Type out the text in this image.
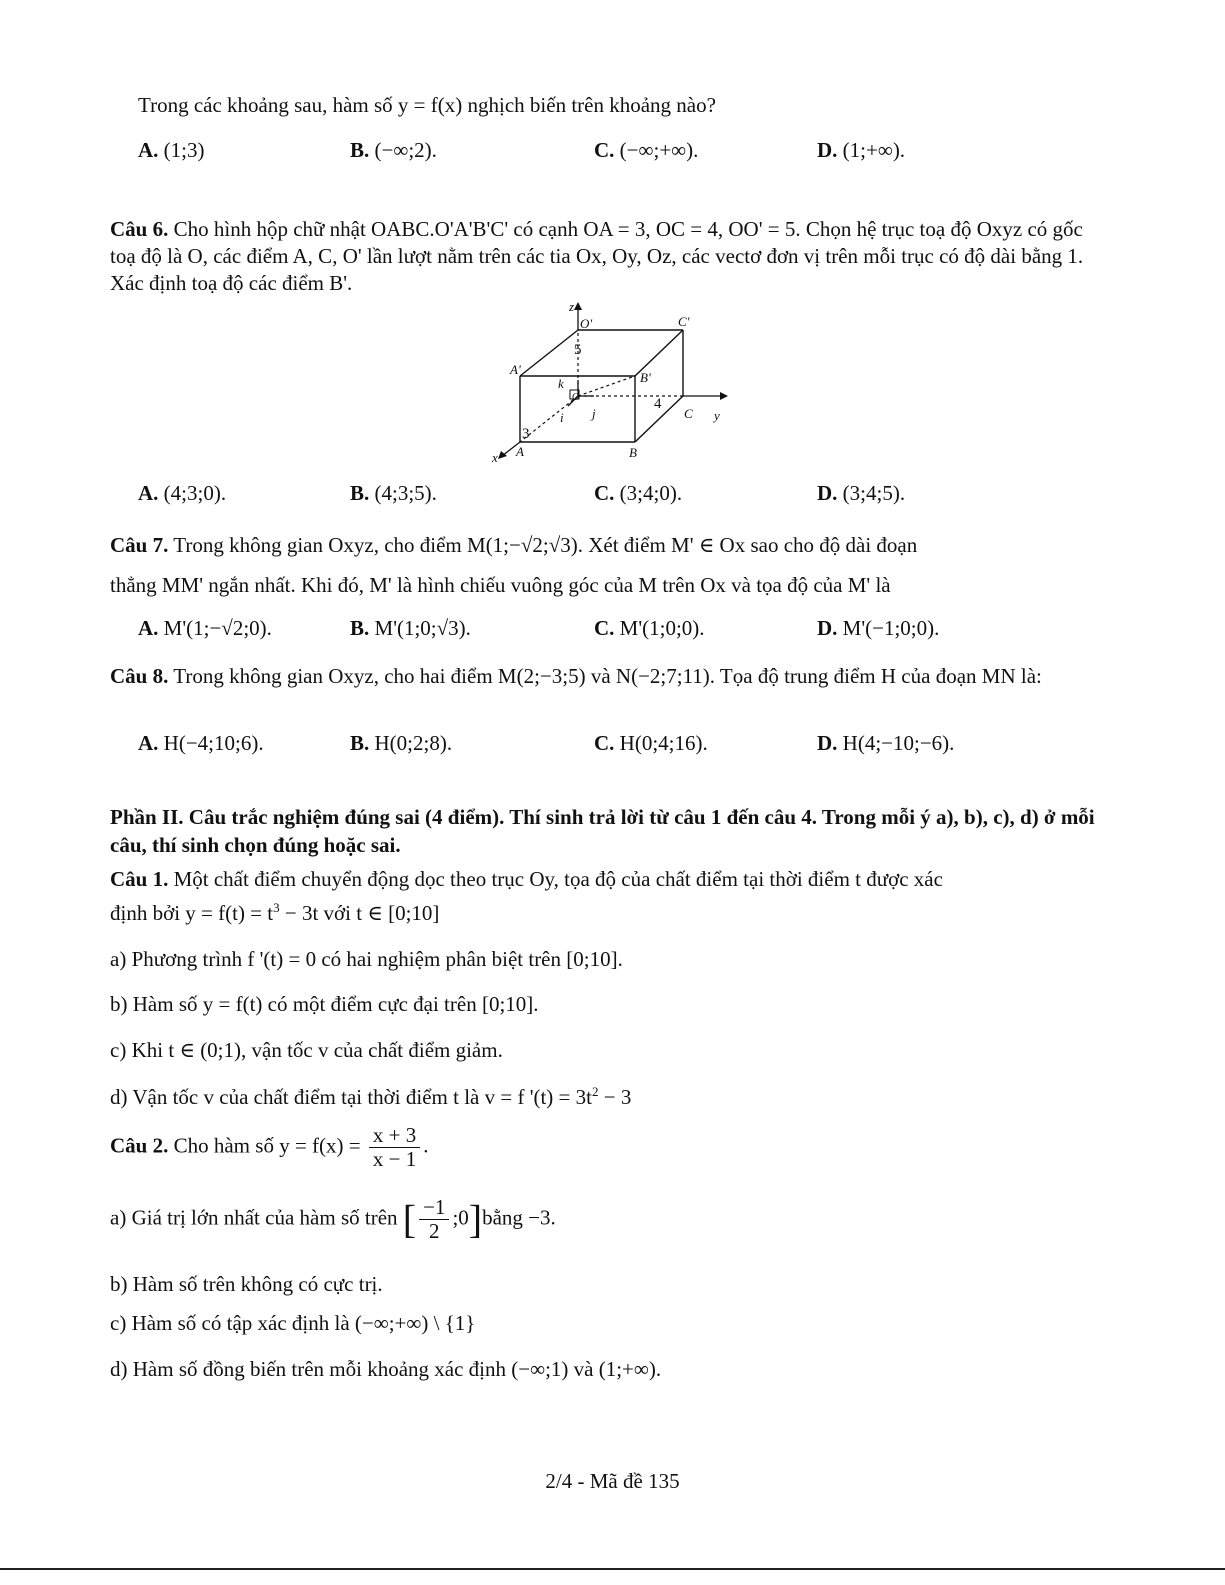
Trong các khoảng sau, hàm số y = f(x) nghịch biến trên khoảng nào?
A. (1;3)	B. (−∞;2).	C. (−∞;+∞).	D. (1;+∞).
Câu 6. Cho hình hộp chữ nhật OABC.O'A'B'C' có cạnh OA = 3, OC = 4, OO' = 5. Chọn hệ trục toạ độ Oxyz có gốc toạ độ là O, các điểm A, C, O' lần lượt nằm trên các tia Ox, Oy, Oz, các vectơ đơn vị trên mỗi trục có độ dài bằng 1. Xác định toạ độ các điểm B'.
z
y
x
O'	C'
A'
B'
A	B
C
O
k
j
i
5
4
3
A. (4;3;0).	B. (4;3;5).	C. (3;4;0).	D. (3;4;5).
Câu 7. Trong không gian Oxyz, cho điểm M(1;−√2;√3). Xét điểm M' ∈ Ox sao cho độ dài đoạn
thẳng MM' ngắn nhất. Khi đó, M' là hình chiếu vuông góc của M trên Ox và tọa độ của M' là
A. M'(1;−√2;0).	B. M'(1;0;√3).	C. M'(1;0;0).	D. M'(−1;0;0).
Câu 8. Trong không gian Oxyz, cho hai điểm M(2;−3;5) và N(−2;7;11). Tọa độ trung điểm H của đoạn MN là:
A. H(−4;10;6).	B. H(0;2;8).	C. H(0;4;16).	D. H(4;−10;−6).
Phần II. Câu trắc nghiệm đúng sai (4 điểm). Thí sinh trả lời từ câu 1 đến câu 4. Trong mỗi ý a), b), c), d) ở mỗi câu, thí sinh chọn đúng hoặc sai.
Câu 1. Một chất điểm chuyển động dọc theo trục Oy, tọa độ của chất điểm tại thời điểm t được xác
định bởi $y = f(t) = t^3 - 3t$ với t ∈ [0;10]
a) Phương trình f '(t) = 0 có hai nghiệm phân biệt trên [0;10].
b) Hàm số y = f(t) có một điểm cực đại trên [0;10].
c) Khi t ∈ (0;1), vận tốc v của chất điểm giảm.
d) Vận tốc v của chất điểm tại thời điểm t là v = f '$(t) = 3t^2 - 3$
Câu 2. Cho hàm số $y = f(x) = \frac{x + 3}{x - 1}$ .
a) Giá trị lớn nhất của hàm số trên [ $\frac{-1}{2}$ ;0]bằng −3.
b) Hàm số trên không có cực trị.
c) Hàm số có tập xác định là (−∞;+∞) \ {1}
d) Hàm số đồng biến trên mỗi khoảng xác định (−∞;1) và (1;+∞).
2/4 - Mã đề 135
